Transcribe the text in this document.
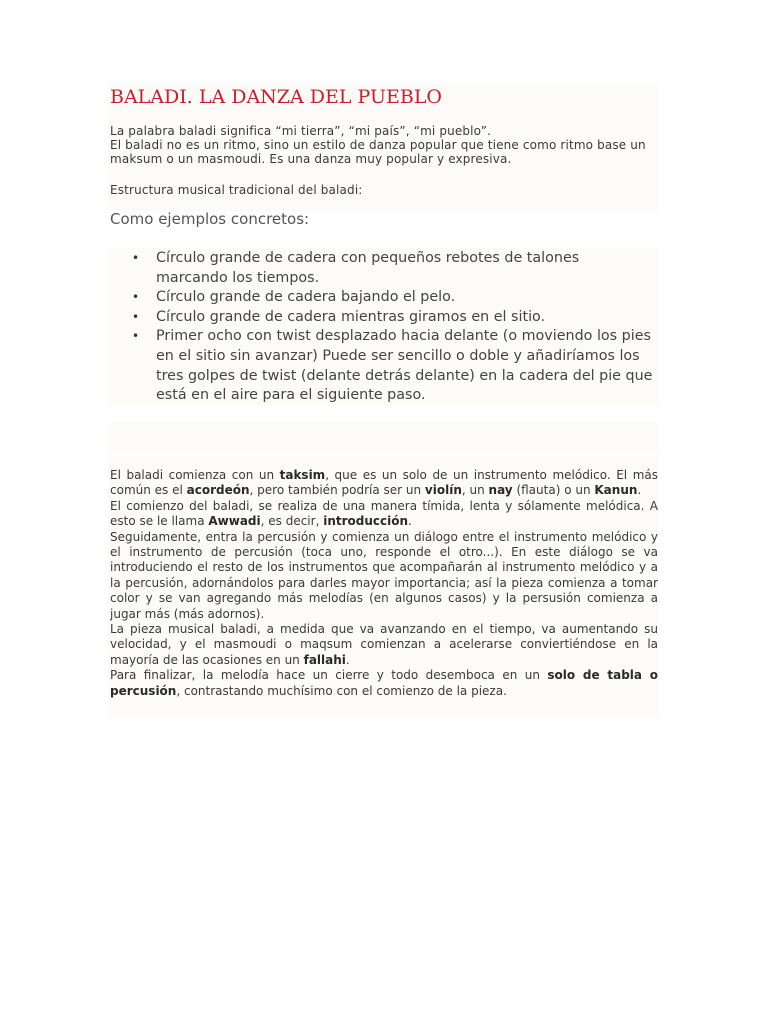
BALADI. LA DANZA DEL PUEBLO

La palabra baladi significa “mi tierra”, “mi país”, “mi pueblo”.

El baladi no es un ritmo, sino un estilo de danza popular que tiene como ritmo base un maksum o un masmoudi. Es una danza muy popular y expresiva.

Estructura musical tradicional del baladi:

Como ejemplos concretos:

• Círculo grande de cadera con pequeños rebotes de talones marcando los tiempos.
• Círculo grande de cadera bajando el pelo.
• Círculo grande de cadera mientras giramos en el sitio.
• Primer ocho con twist desplazado hacia delante (o moviendo los pies en el sitio sin avanzar) Puede ser sencillo o doble y añadiríamos los tres golpes de twist (delante detrás delante) en la cadera del pie que está en el aire para el siguiente paso.

El baladi comienza con un taksim, que es un solo de un instrumento melódico. El más común es el acordeón, pero también podría ser un violín, un nay (flauta) o un Kanun.

El comienzo del baladi, se realiza de una manera tímida, lenta y sólamente melódica. A esto se le llama Awwadi, es decir, introducción.

Seguidamente, entra la percusión y comienza un diálogo entre el instrumento melódico y el instrumento de percusión (toca uno, responde el otro...). En este diálogo se va introduciendo el resto de los instrumentos que acompañarán al instrumento melódico y a la percusión, adornándolos para darles mayor importancia; así la pieza comienza a tomar color y se van agregando más melodías (en algunos casos) y la persusión comienza a jugar más (más adornos).

La pieza musical baladi, a medida que va avanzando en el tiempo, va aumentando su velocidad, y el masmoudi o maqsum comienzan a acelerarse conviertiéndose en la mayoría de las ocasiones en un fallahi.

Para finalizar, la melodía hace un cierre y todo desemboca en un solo de tabla o percusión, contrastando muchísimo con el comienzo de la pieza.
